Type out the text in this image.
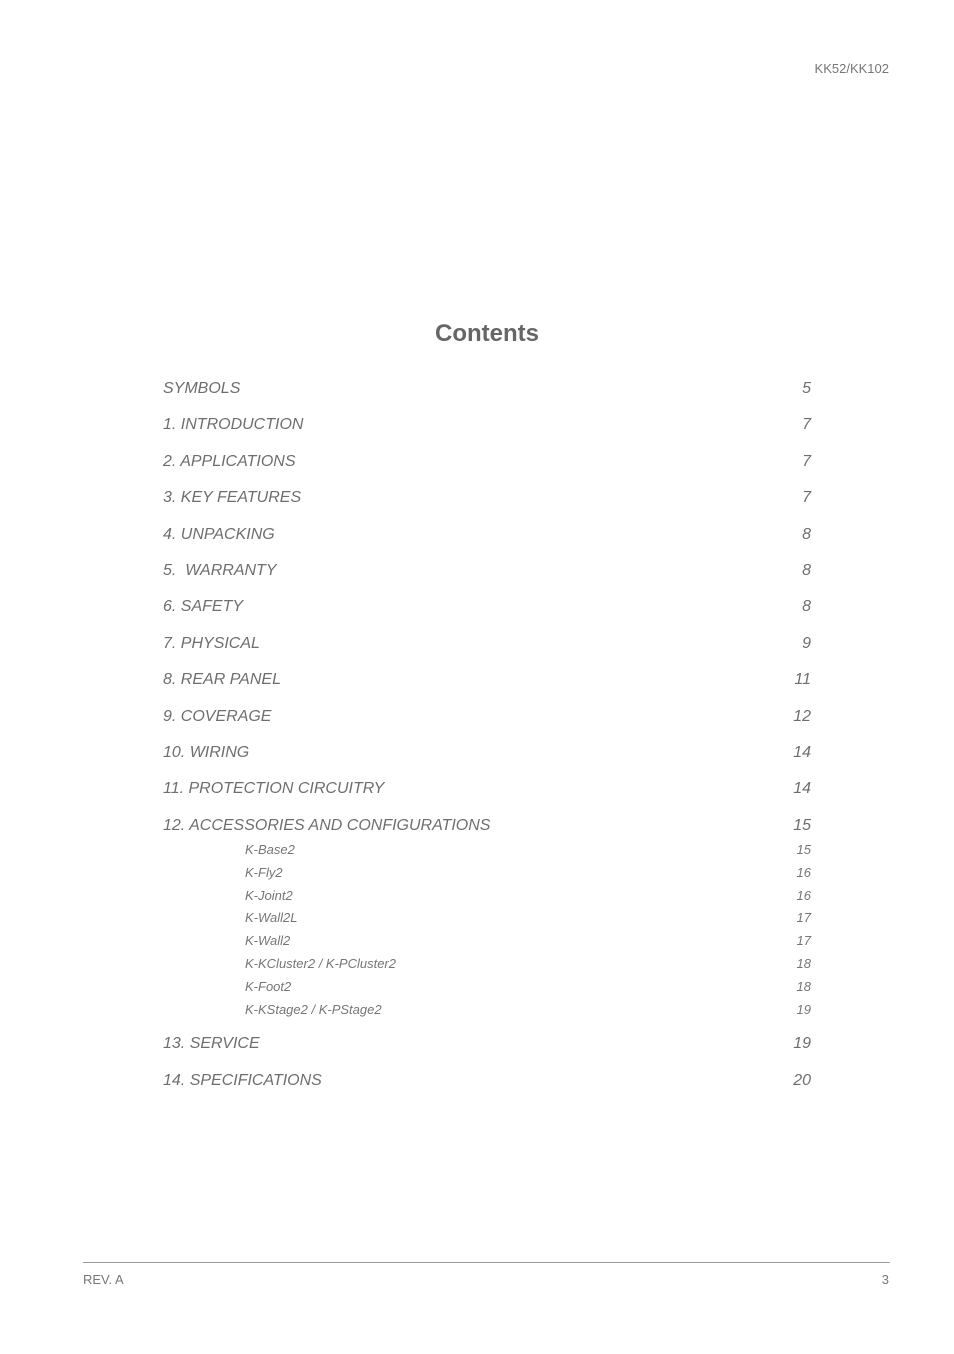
KK52/KK102
Contents
SYMBOLS	5
1. INTRODUCTION	7
2. APPLICATIONS	7
3. KEY FEATURES	7
4. UNPACKING	8
5.  WARRANTY	8
6. SAFETY	8
7. PHYSICAL	9
8. REAR PANEL	11
9. COVERAGE	12
10. WIRING	14
11. PROTECTION CIRCUITRY	14
12. ACCESSORIES AND CONFIGURATIONS	15
K-Base2	15
K-Fly2	16
K-Joint2	16
K-Wall2L	17
K-Wall2	17
K-KCluster2 / K-PCluster2	18
K-Foot2	18
K-KStage2 / K-PStage2	19
13. SERVICE	19
14. SPECIFICATIONS	20
REV. A	3
